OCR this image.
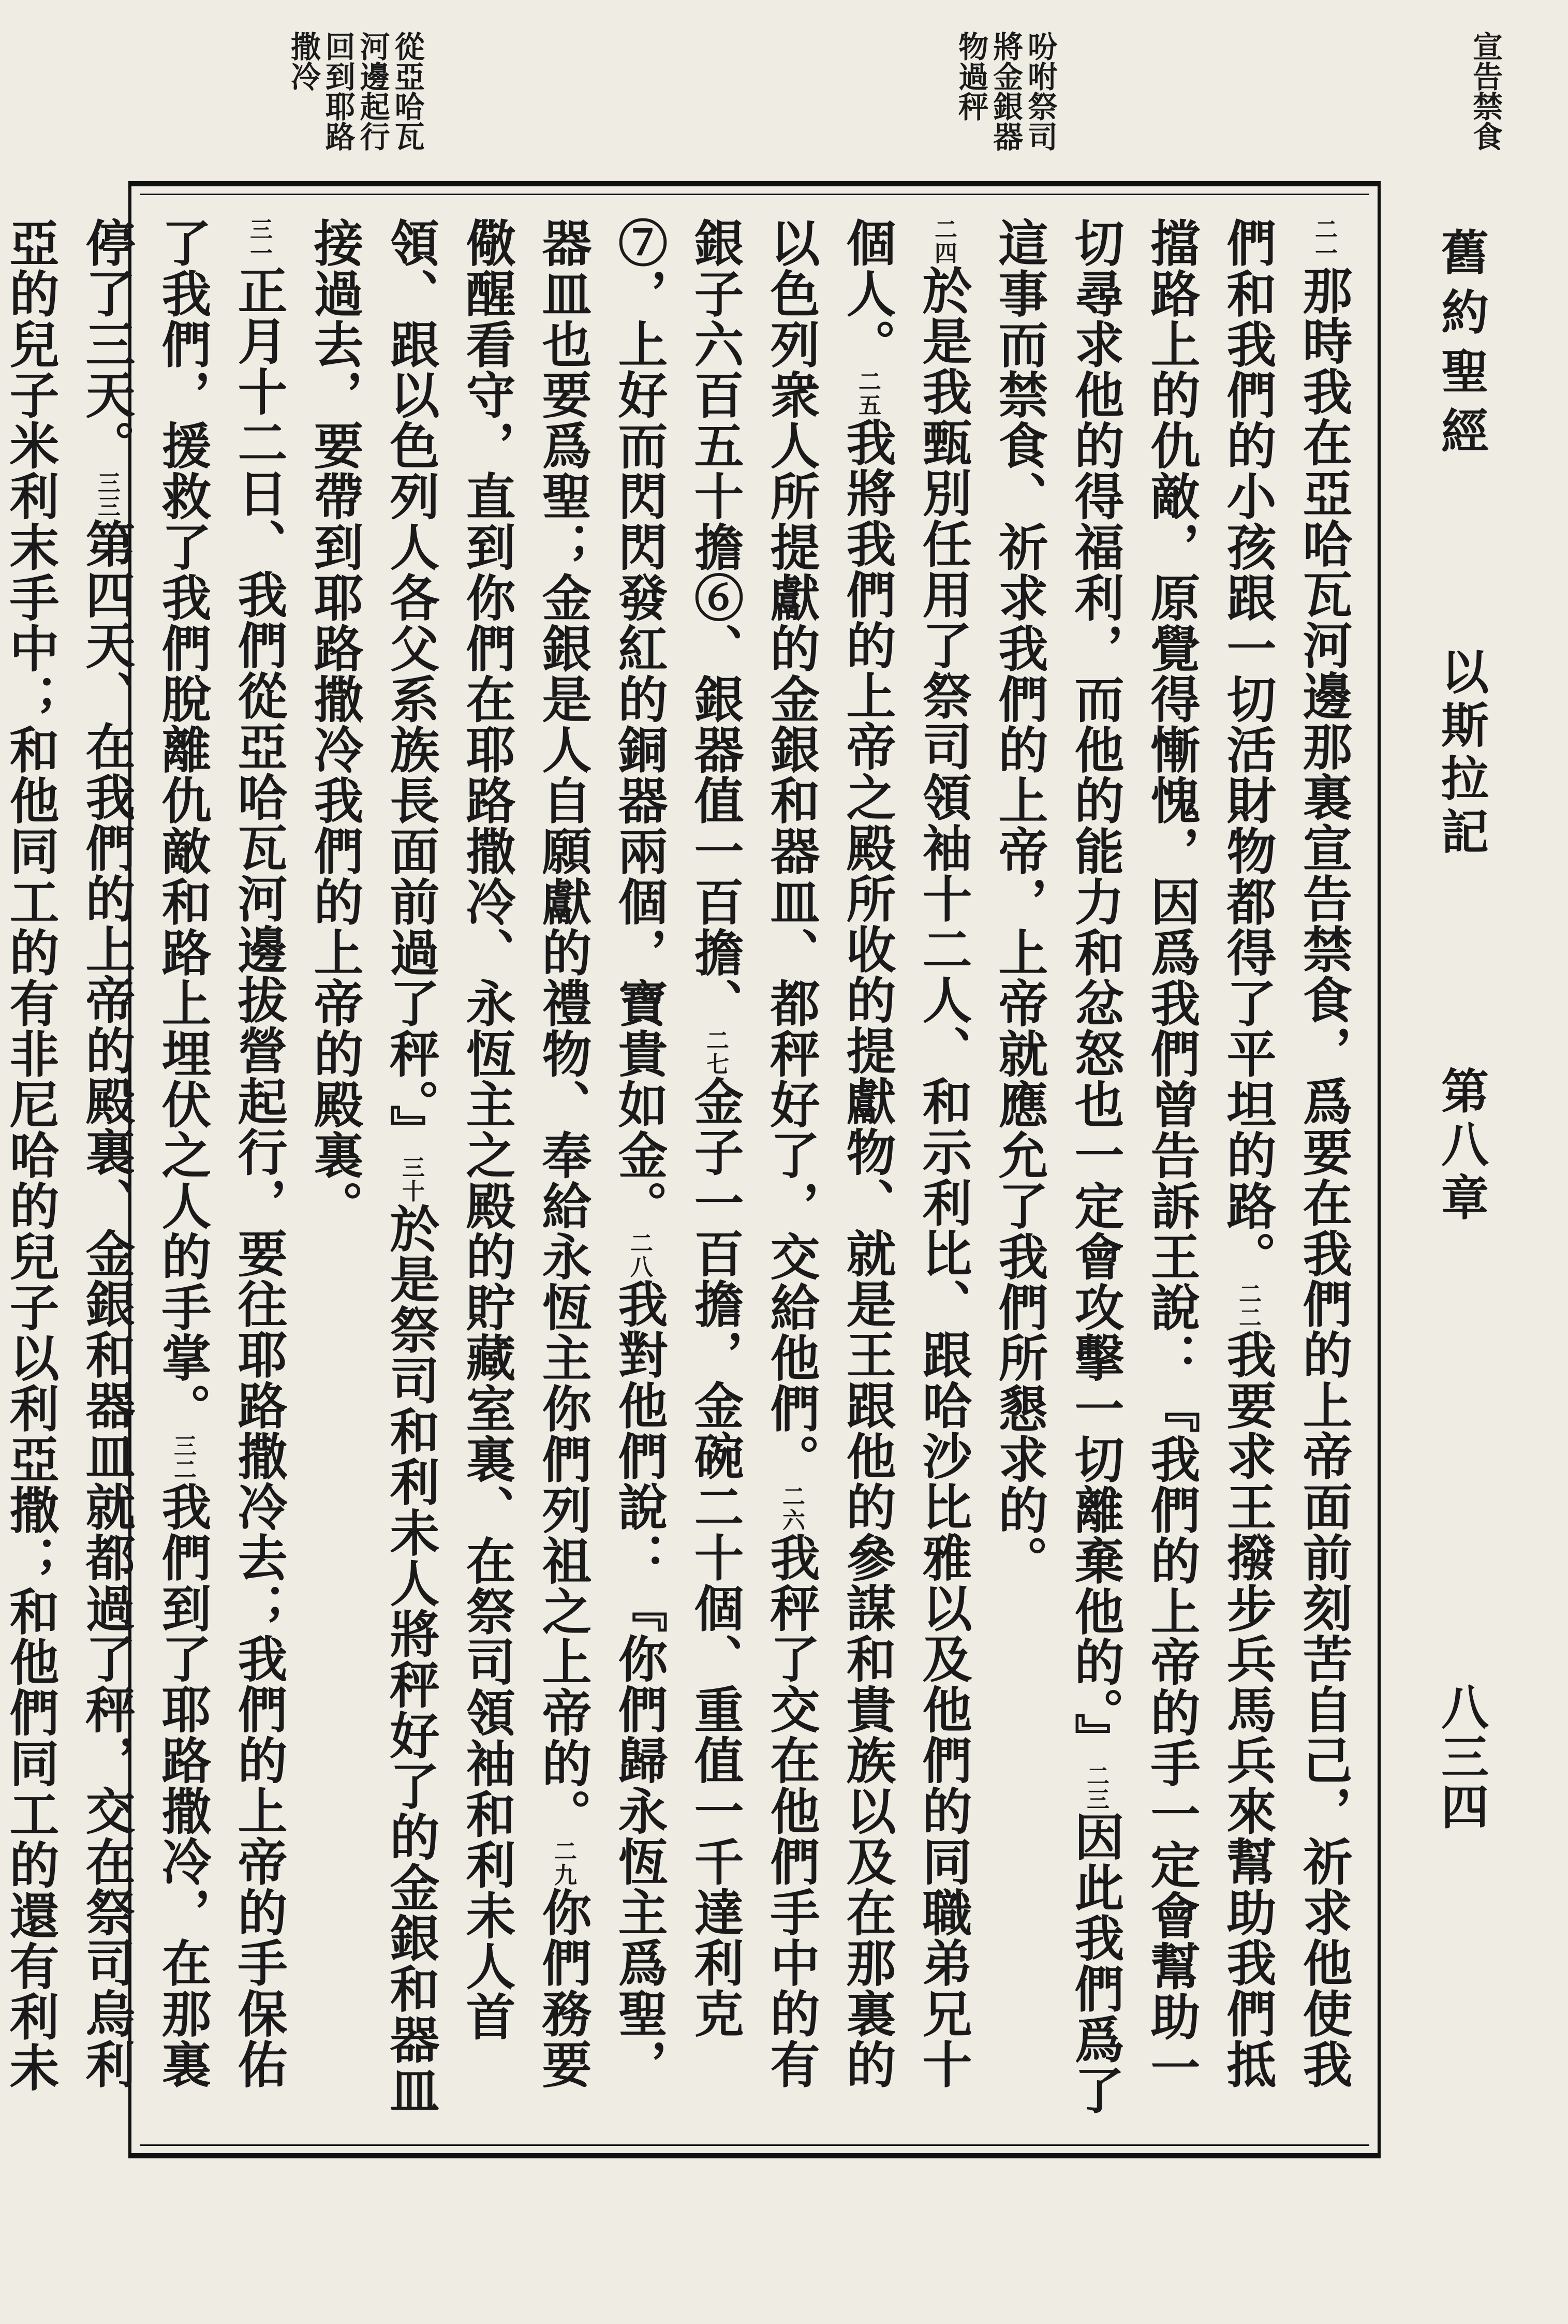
舊約聖經
以斯拉記
第八章
八三四
宣告禁食
吩咐祭司
將金銀器
物過秤
從亞哈瓦
河邊起行
回到耶路
撒冷
二一那時我在亞哈瓦河邊那裏宣告禁食，爲要在我們的上帝面前刻苦自己，祈求他使我們和我們的小孩跟一切活財物都得了平坦的路。二二我要求王撥步兵馬兵來幫助我們抵擋路上的仇敵，原覺得慚愧，因爲我們曾告訴王說：『我們的上帝的手一定會幫助一切尋求他的得福利，而他的能力和忿怒也一定會攻擊一切離棄他的。』二三因此我們爲了這事而禁食、祈求我們的上帝，上帝就應允了我們所懇求的。
二四於是我甄別任用了祭司領袖十二人、和示利比、跟哈沙比雅以及他們的同職弟兄十個人。二五我將我們的上帝之殿所收的提獻物、就是王跟他的參謀和貴族以及在那裏的以色列衆人所提獻的金銀和器皿、都秤好了，交給他們。二六我秤了交在他們手中的有銀子六百五十擔⑥、銀器值一百擔、二七金子一百擔，金碗二十個、重值一千達利克⑦，上好而閃閃發紅的銅器兩個，寶貴如金。二八我對他們說：『你們歸永恆主爲聖，器皿也要爲聖；金銀是人自願獻的禮物、奉給永恆主你們列祖之上帝的。二九你們務要儆醒看守，直到你們在耶路撒冷、永恆主之殿的貯藏室裏、在祭司領袖和利未人首領、跟以色列人各父系族長面前過了秤。』三十於是祭司和利未人將秤好了的金銀和器皿接過去，要帶到耶路撒冷我們的上帝的殿裏。
三一正月十二日、我們從亞哈瓦河邊拔營起行，要往耶路撒冷去；我們的上帝的手保佑了我們，援救了我們脫離仇敵和路上埋伏之人的手掌。三二我們到了耶路撒冷，在那裏停了三天。三三第四天、在我們的上帝的殿裏、金銀和器皿就都過了秤，交在祭司烏利亞的兒子米利末手中；和他同工的有非尼哈的兒子以利亞撒；和他們同工的還有利未
